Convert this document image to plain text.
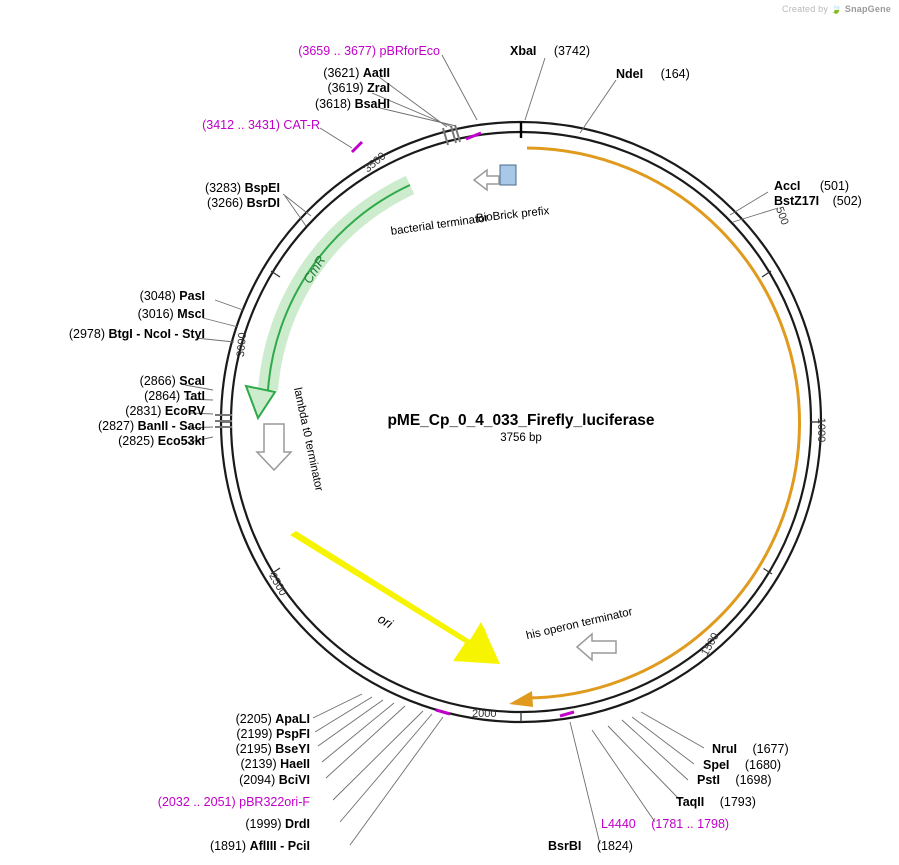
Created by 🍃 SnapGene
500
1000
1500
2000
2500
3000
3500
CmR
ori
lambda t0 terminator
bacterial terminator
BioBrick prefix
his operon terminator
pME_Cp_0_4_033_Firefly_luciferase
3756 bp
(3659 .. 3677) pBRforEco
(3621) AatII
(3619) ZraI
(3618) BsaHI
(3412 .. 3431) CAT-R
(3283) BspEI
(3266) BsrDI
XbaI (3742)
NdeI (164)
AccI (501)
BstZ17I (502)
(3048) PasI
(3016) MscI
(2978) BtgI - NcoI - StyI
(2866) ScaI
(2864) TatI
(2831) EcoRV
(2827) BanII - SacI
(2825) Eco53kI
(2205) ApaLI
(2199) PspFI
(2195) BseYI
(2139) HaeII
(2094) BciVI
(2032 .. 2051) pBR322ori-F
(1999) DrdI
(1891) AflIII - PciI
NruI (1677)
SpeI (1680)
PstI (1698)
TaqII (1793)
L4440 (1781 .. 1798)
BsrBI (1824)
